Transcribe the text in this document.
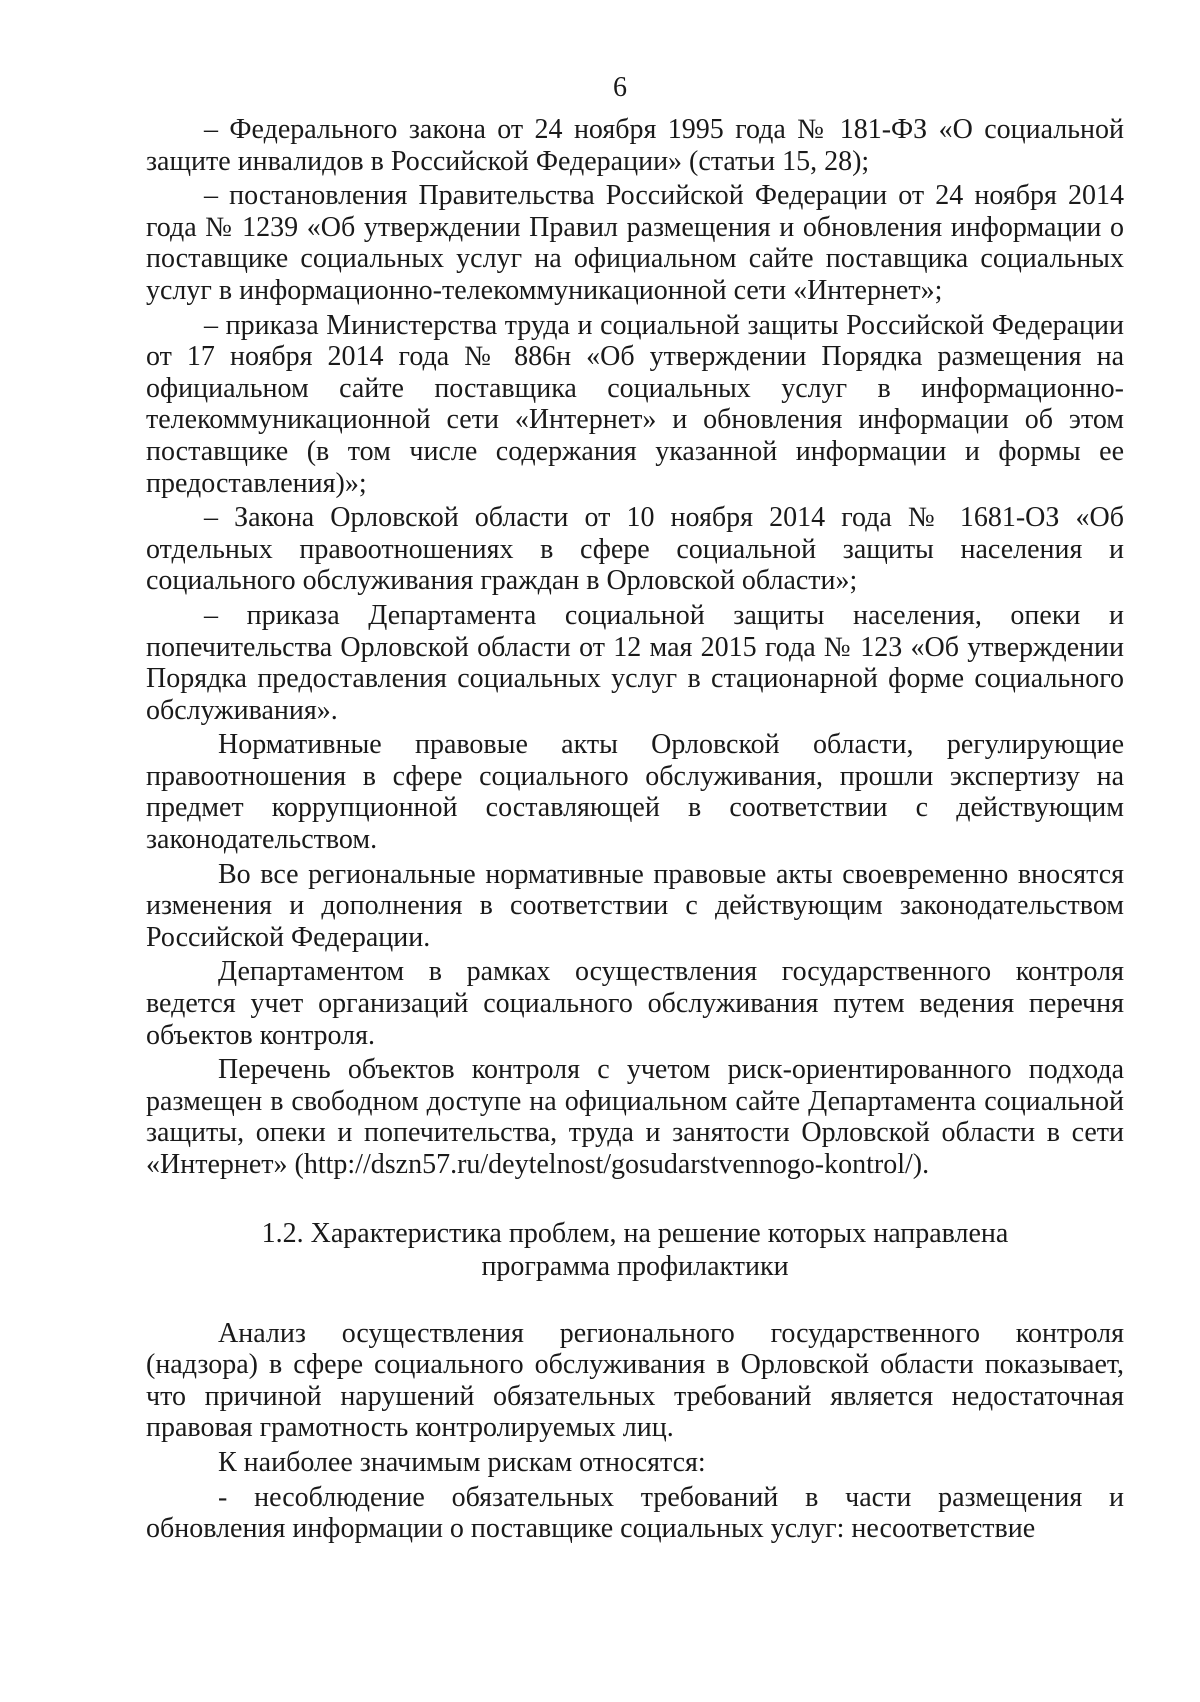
6

– Федерального закона от 24 ноября 1995 года № 181-ФЗ «О социальной защите инвалидов в Российской Федерации» (статьи 15, 28);

– постановления Правительства Российской Федерации от 24 ноября 2014 года № 1239 «Об утверждении Правил размещения и обновления информации о поставщике социальных услуг на официальном сайте поставщика социальных услуг в информационно-телекоммуникационной сети «Интернет»;

– приказа Министерства труда и социальной защиты Российской Федерации от 17 ноября 2014 года № 886н «Об утверждении Порядка размещения на официальном сайте поставщика социальных услуг в информационно-телекоммуникационной сети «Интернет» и обновления информации об этом поставщике (в том числе содержания указанной информации и формы ее предоставления)»;

– Закона Орловской области от 10 ноября 2014 года № 1681-ОЗ «Об отдельных правоотношениях в сфере социальной защиты населения и социального обслуживания граждан в Орловской области»;

– приказа Департамента социальной защиты населения, опеки и попечительства Орловской области от 12 мая 2015 года № 123 «Об утверждении Порядка предоставления социальных услуг в стационарной форме социального обслуживания».

Нормативные правовые акты Орловской области, регулирующие правоотношения в сфере социального обслуживания, прошли экспертизу на предмет коррупционной составляющей в соответствии с действующим законодательством.

Во все региональные нормативные правовые акты своевременно вносятся изменения и дополнения в соответствии с действующим законодательством Российской Федерации.

Департаментом в рамках осуществления государственного контроля ведется учет организаций социального обслуживания путем ведения перечня объектов контроля.

Перечень объектов контроля с учетом риск-ориентированного подхода размещен в свободном доступе на официальном сайте Департамента социальной защиты, опеки и попечительства, труда и занятости Орловской области в сети «Интернет» (http://dszn57.ru/deytelnost/gosudarstvennogo-kontrol/).

1.2. Характеристика проблем, на решение которых направлена
программа профилактики

Анализ осуществления регионального государственного контроля (надзора) в сфере социального обслуживания в Орловской области показывает, что причиной нарушений обязательных требований является недостаточная правовая грамотность контролируемых лиц.

К наиболее значимым рискам относятся:

- несоблюдение обязательных требований в части размещения и обновления информации о поставщике социальных услуг: несоответствие
